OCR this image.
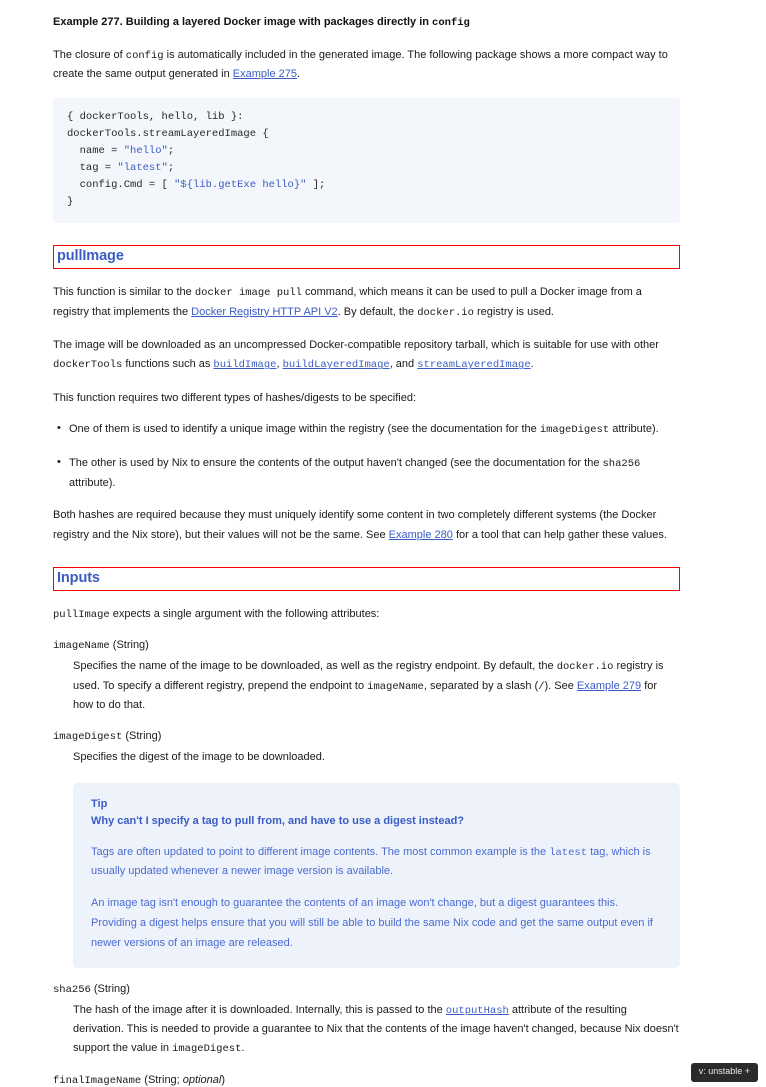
Example 277. Building a layered Docker image with packages directly in config

The closure of config is automatically included in the generated image. The following package shows a more compact way to create the same output generated in Example 275.

{ dockerTools, hello, lib }:
dockerTools.streamLayeredImage {
name = "hello";
tag = "latest";
config.Cmd = [ "${lib.getExe hello}" ];
}
pullImage

This function is similar to the docker image pull command, which means it can be used to pull a Docker image from a registry that implements the Docker Registry HTTP API V2. By default, the docker.io registry is used.

The image will be downloaded as an uncompressed Docker-compatible repository tarball, which is suitable for use with other dockerTools functions such as buildImage, buildLayeredImage, and streamLayeredImage.

This function requires two different types of hashes/digests to be specified:

• One of them is used to identify a unique image within the registry (see the documentation for the imageDigest attribute).
• The other is used by Nix to ensure the contents of the output haven't changed (see the documentation for the sha256 attribute).

Both hashes are required because they must uniquely identify some content in two completely different systems (the Docker registry and the Nix store), but their values will not be the same. See Example 280 for a tool that can help gather these values.

Inputs

pullImage expects a single argument with the following attributes:

imageName (String)
Specifies the name of the image to be downloaded, as well as the registry endpoint. By default, the docker.io registry is used. To specify a different registry, prepend the endpoint to imageName, separated by a slash (/). See Example 279 for how to do that.
imageDigest (String)
Specifies the digest of the image to be downloaded.
Tip
Why can't I specify a tag to pull from, and have to use a digest instead?
Tags are often updated to point to different image contents. The most common example is the latest tag, which is usually updated whenever a newer image version is available.
An image tag isn't enough to guarantee the contents of an image won't change, but a digest guarantees this. Providing a digest helps ensure that you will still be able to build the same Nix code and get the same output even if newer versions of an image are released.
sha256 (String)
The hash of the image after it is downloaded. Internally, this is passed to the outputHash attribute of the resulting derivation. This is needed to provide a guarantee to Nix that the contents of the image haven't changed, because Nix doesn't support the value in imageDigest.
finalImageName (String; optional)
v: unstable +
